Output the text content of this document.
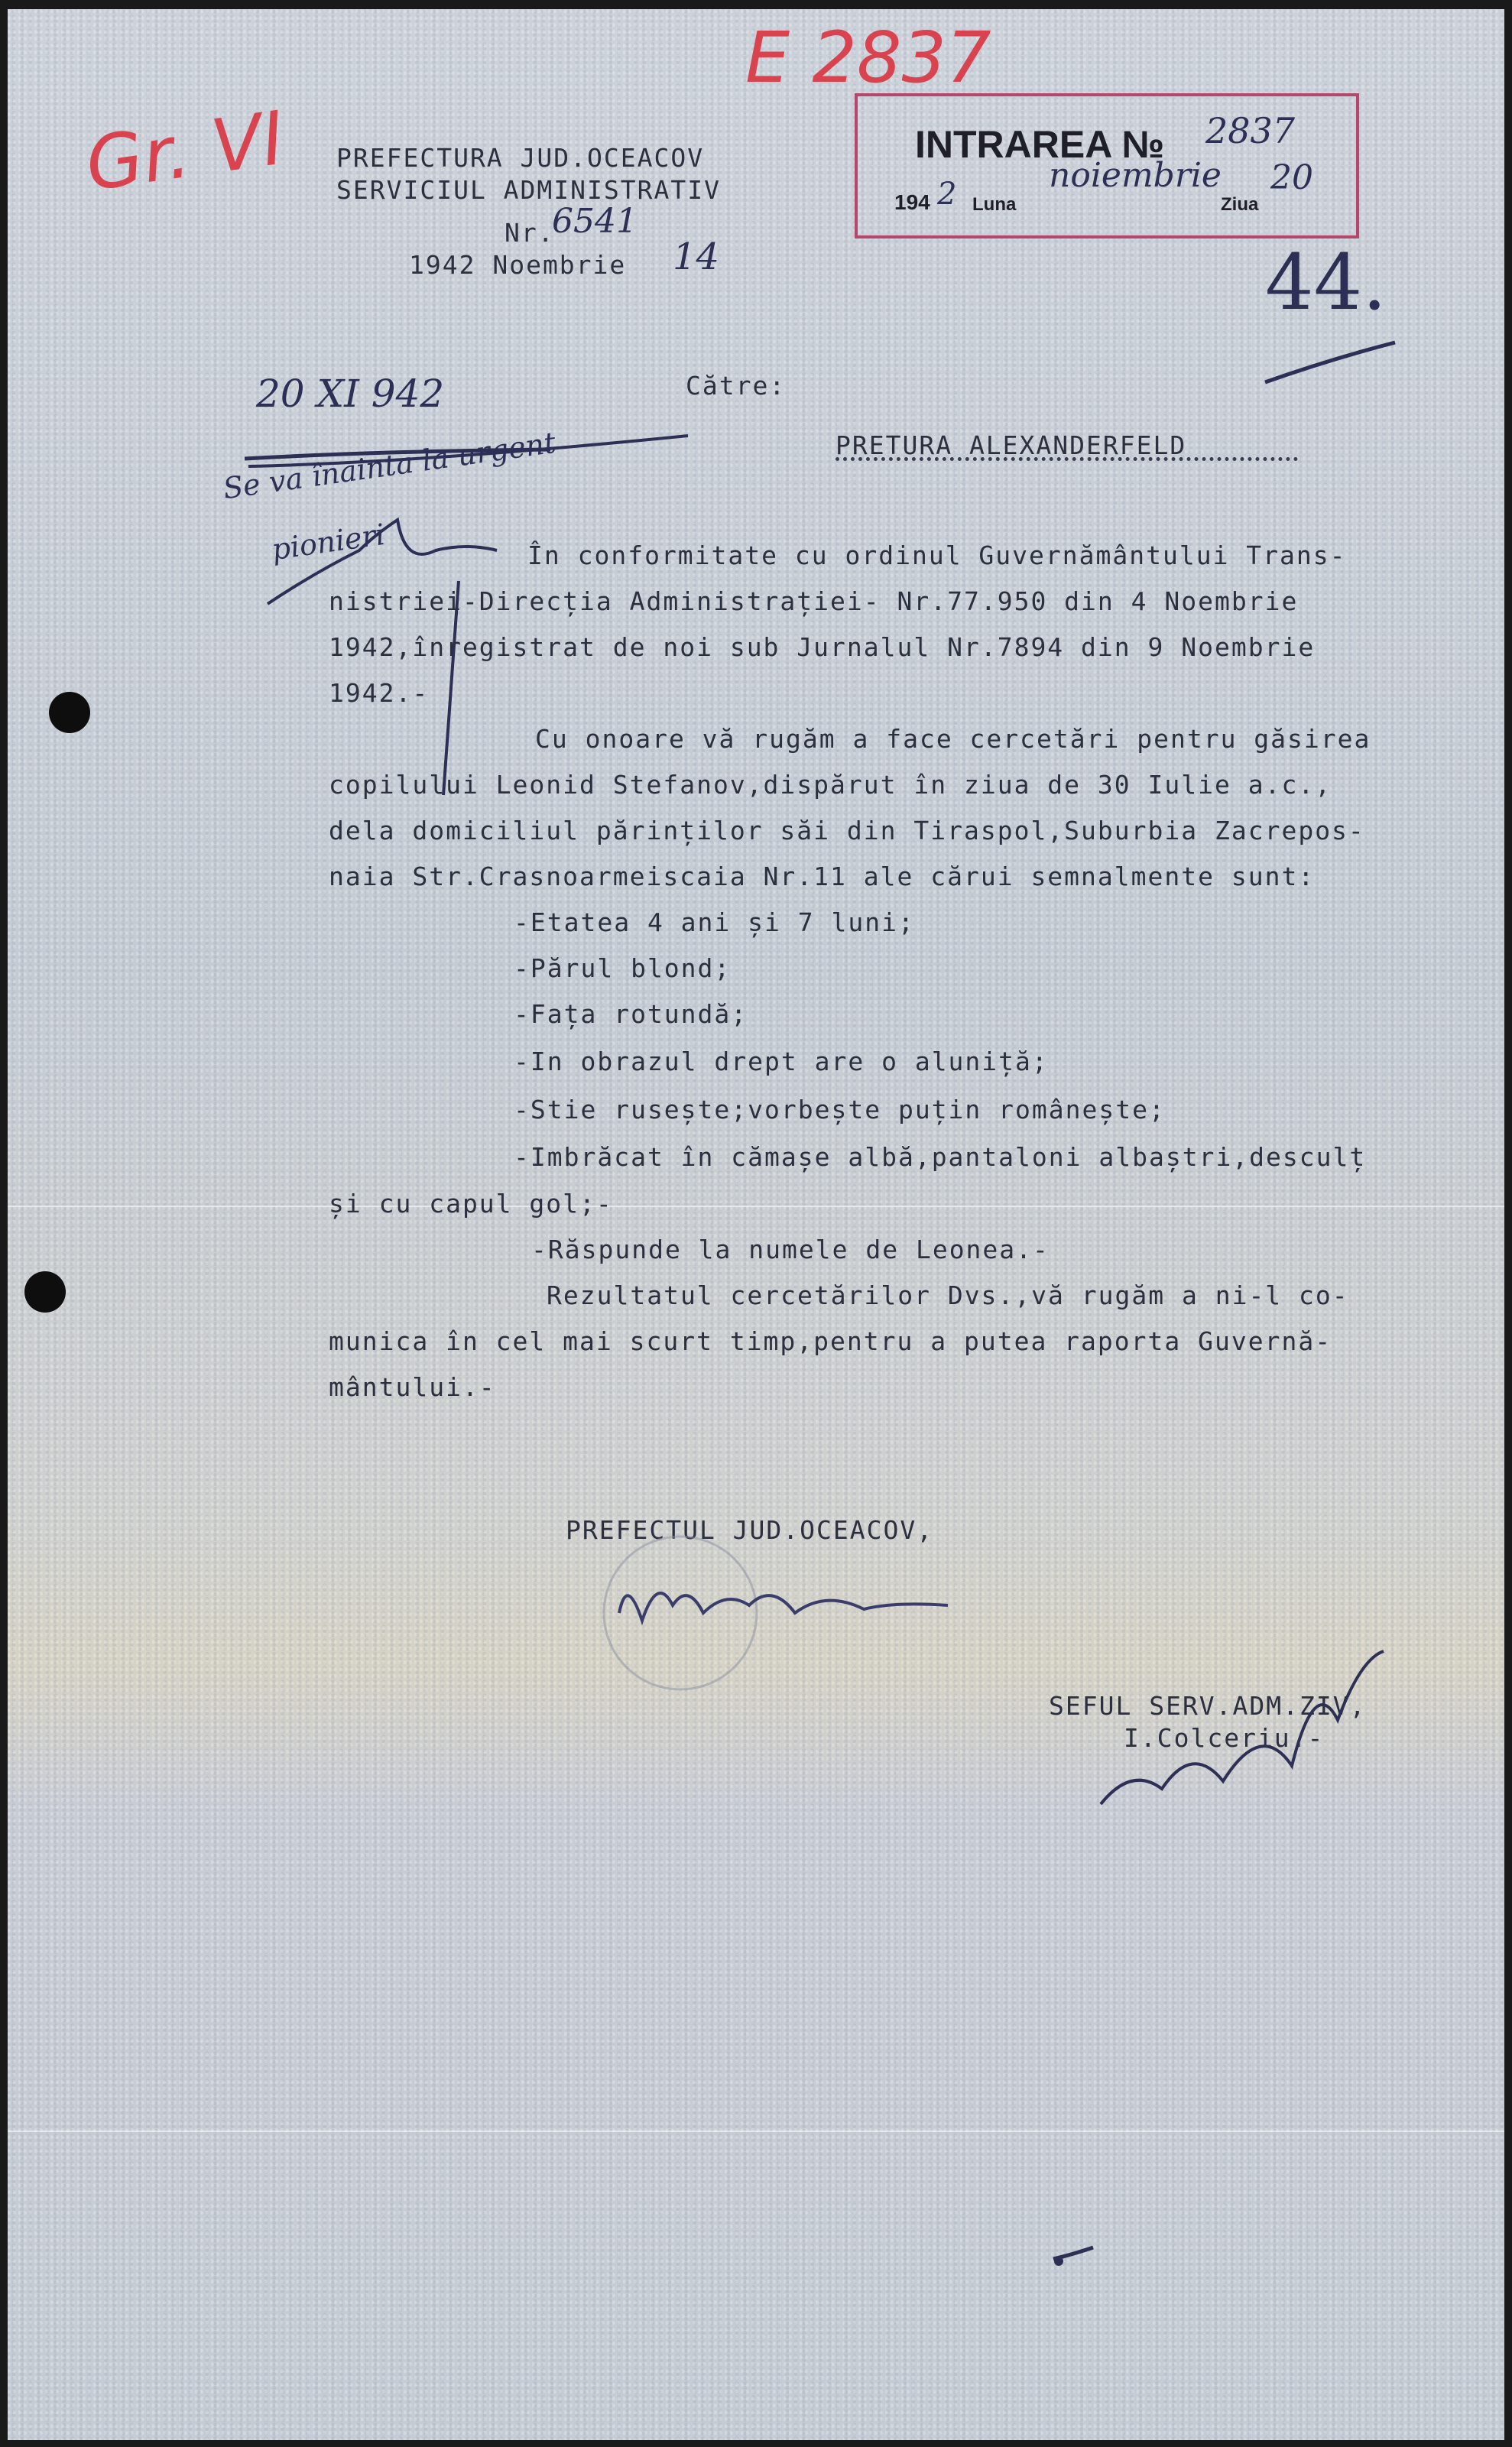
Gr. VI
E 2837
PREFECTURA JUD.OCEACOV
SERVICIUL ADMINISTRATIV
Nr.
6541
1942 Noembrie 14
INTRAREA № 2837
194 2 Luna
noiembrie
Ziua
20
44.
Către:
PRETURA ALEXANDERFELD
20 XI 942
Se va înainta la urgent
pionieri	În conformitate cu ordinul Guvernământului Trans-
nistriei-Direcția Administrației- Nr.77.950 din 4 Noembrie
1942,înregistrat de noi sub Jurnalul Nr.7894 din 9 Noembrie
1942.-
Cu onoare vă rugăm a face cercetări pentru găsirea
copilului Leonid Stefanov,dispărut în ziua de 30 Iulie a.c.,
dela domiciliul părinților săi din Tiraspol,Suburbia Zacrepos-
naia Str.Crasnoarmeiscaia Nr.11 ale cărui semnalmente sunt:
-Etatea 4 ani și 7 luni;
-Părul blond;
-Fața rotundă;
-In obrazul drept are o aluniță;
-Stie rusește;vorbește puțin românește;
-Imbrăcat în cămașe albă,pantaloni albaștri,desculț
și cu capul gol;-
-Răspunde la numele de Leonea.-
Rezultatul cercetărilor Dvs.,vă rugăm a ni-l co-
munica în cel mai scurt timp,pentru a putea raporta Guvernă-
mântului.-
PREFECTUL JUD.OCEACOV,
SEFUL SERV.ADM.ZIV,
I.Colceriu.-
